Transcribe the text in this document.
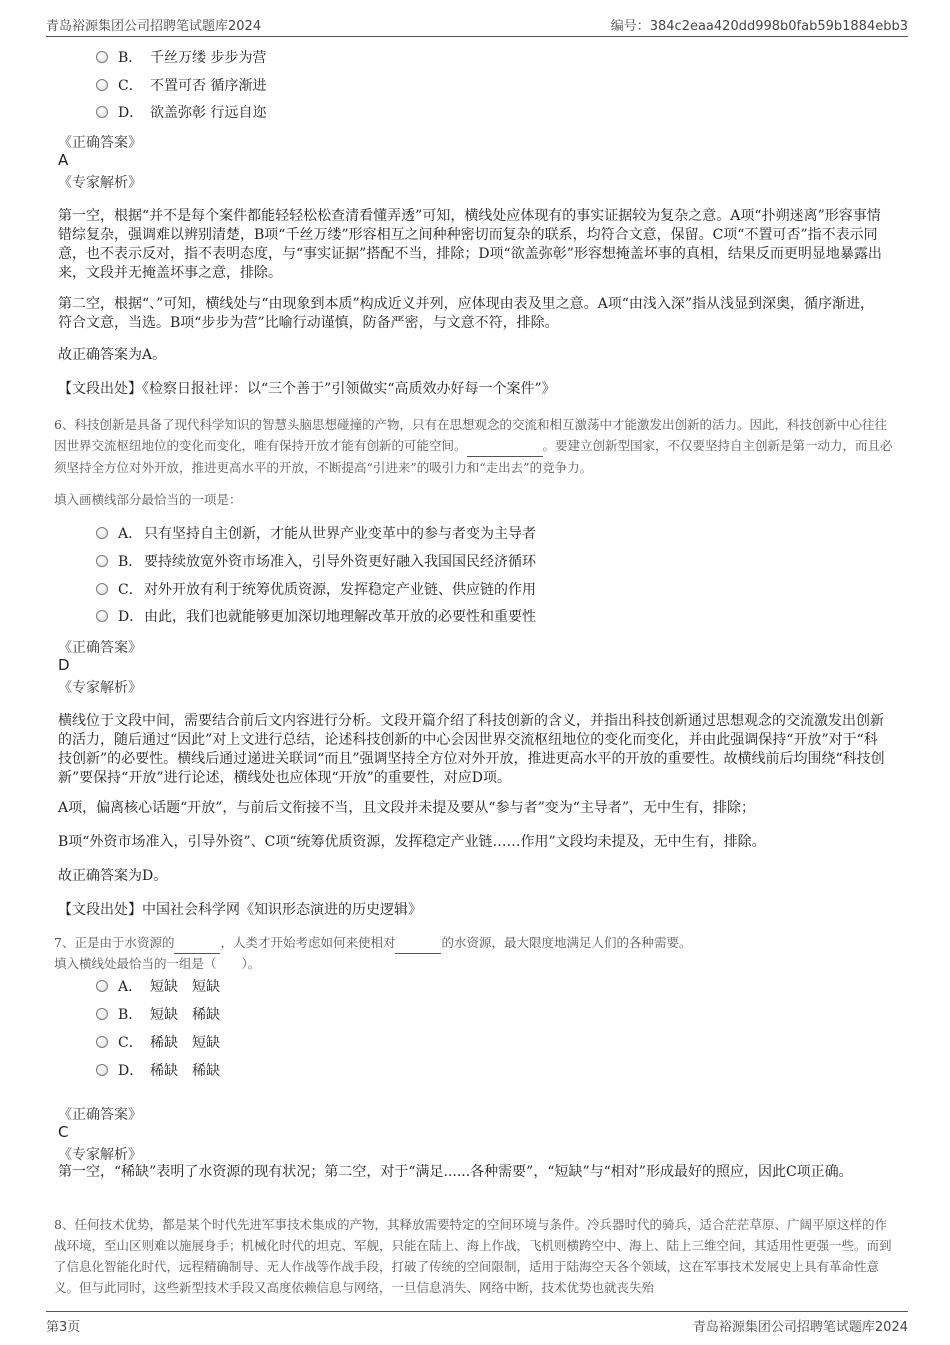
青岛裕源集团公司招聘笔试题库2024	编号：384c2eaa420dd998b0fab59b1884ebb3
B． 千丝万缕 步步为营
C． 不置可否 循序渐进
D． 欲盖弥彰 行远自迩
《正确答案》
A
《专家解析》
第一空，根据“并不是每个案件都能轻轻松松查清看懂弄透”可知，横线处应体现有的事实证据较为复杂之意。A项“扑朔迷离”形容事情错综复杂，强调难以辨别清楚，B项“千丝万缕”形容相互之间种种密切而复杂的联系，均符合文意，保留。C项“不置可否”指不表示同意，也不表示反对，指不表明态度，与“事实证据”搭配不当，排除；D项“欲盖弥彰”形容想掩盖坏事的真相，结果反而更明显地暴露出来，文段并无掩盖坏事之意，排除。
第二空，根据“、”可知，横线处与“由现象到本质”构成近义并列，应体现由表及里之意。A项“由浅入深”指从浅显到深奥，循序渐进，符合文意，当选。B项“步步为营”比喻行动谨慎，防备严密，与文意不符，排除。
故正确答案为A。
【文段出处】《检察日报社评：以“三个善于”引领做实“高质效办好每一个案件”》
6、科技创新是具备了现代科学知识的智慧头脑思想碰撞的产物，只有在思想观念的交流和相互激荡中才能激发出创新的活力。因此，科技创新中心往往因世界交流枢纽地位的变化而变化，唯有保持开放才能有创新的可能空间。	。要建立创新型国家，不仅要坚持自主创新是第一动力，而且必须坚持全方位对外开放，推进更高水平的开放，不断提高“引进来”的吸引力和“走出去”的竞争力。
填入画横线部分最恰当的一项是：
A． 只有坚持自主创新，才能从世界产业变革中的参与者变为主导者
B． 要持续放宽外资市场准入，引导外资更好融入我国国民经济循环
C．对外开放有利于统筹优质资源，发挥稳定产业链、供应链的作用
D．由此，我们也就能够更加深切地理解改革开放的必要性和重要性
《正确答案》
D
《专家解析》
横线位于文段中间，需要结合前后文内容进行分析。文段开篇介绍了科技创新的含义，并指出科技创新通过思想观念的交流激发出创新的活力，随后通过“因此”对上文进行总结，论述科技创新的中心会因世界交流枢纽地位的变化而变化，并由此强调保持“开放”对于“科技创新”的必要性。横线后通过递进关联词“而且”强调坚持全方位对外开放，推进更高水平的开放的重要性。故横线前后均围绕“科技创新”要保持“开放”进行论述，横线处也应体现“开放”的重要性，对应D项。
A项，偏离核心话题“开放”，与前后文衔接不当，且文段并未提及要从“参与者”变为“主导者”，无中生有，排除；
B项“外资市场准入，引导外资”、C项“统筹优质资源，发挥稳定产业链……作用”文段均未提及，无中生有，排除。
故正确答案为D。
【文段出处】中国社会科学网《知识形态演进的历史逻辑》
7、正是由于水资源的	，人类才开始考虑如何来使相对	的水资源，最大限度地满足人们的各种需要。
填入横线处最恰当的一组是（　　）。
A． 短缺　短缺
B． 短缺　稀缺
C． 稀缺　短缺
D． 稀缺　稀缺
《正确答案》
C
《专家解析》
第一空，“稀缺”表明了水资源的现有状况；第二空，对于“满足......各种需要”，“短缺”与“相对”形成最好的照应，因此C项正确。
8、任何技术优势，都是某个时代先进军事技术集成的产物，其释放需要特定的空间环境与条件。冷兵器时代的骑兵，适合茫茫草原、广阔平原这样的作战环境，至山区则难以施展身手；机械化时代的坦克、军舰，只能在陆上、海上作战，飞机则横跨空中、海上、陆上三维空间，其适用性更强一些。而到了信息化智能化时代，远程精确制导、无人作战等作战手段，打破了传统的空间限制，适用于陆海空天各个领域，这在军事技术发展史上具有革命性意义。但与此同时，这些新型技术手段又高度依赖信息与网络，一旦信息消失、网络中断，技术优势也就丧失殆
第3页	青岛裕源集团公司招聘笔试题库2024
